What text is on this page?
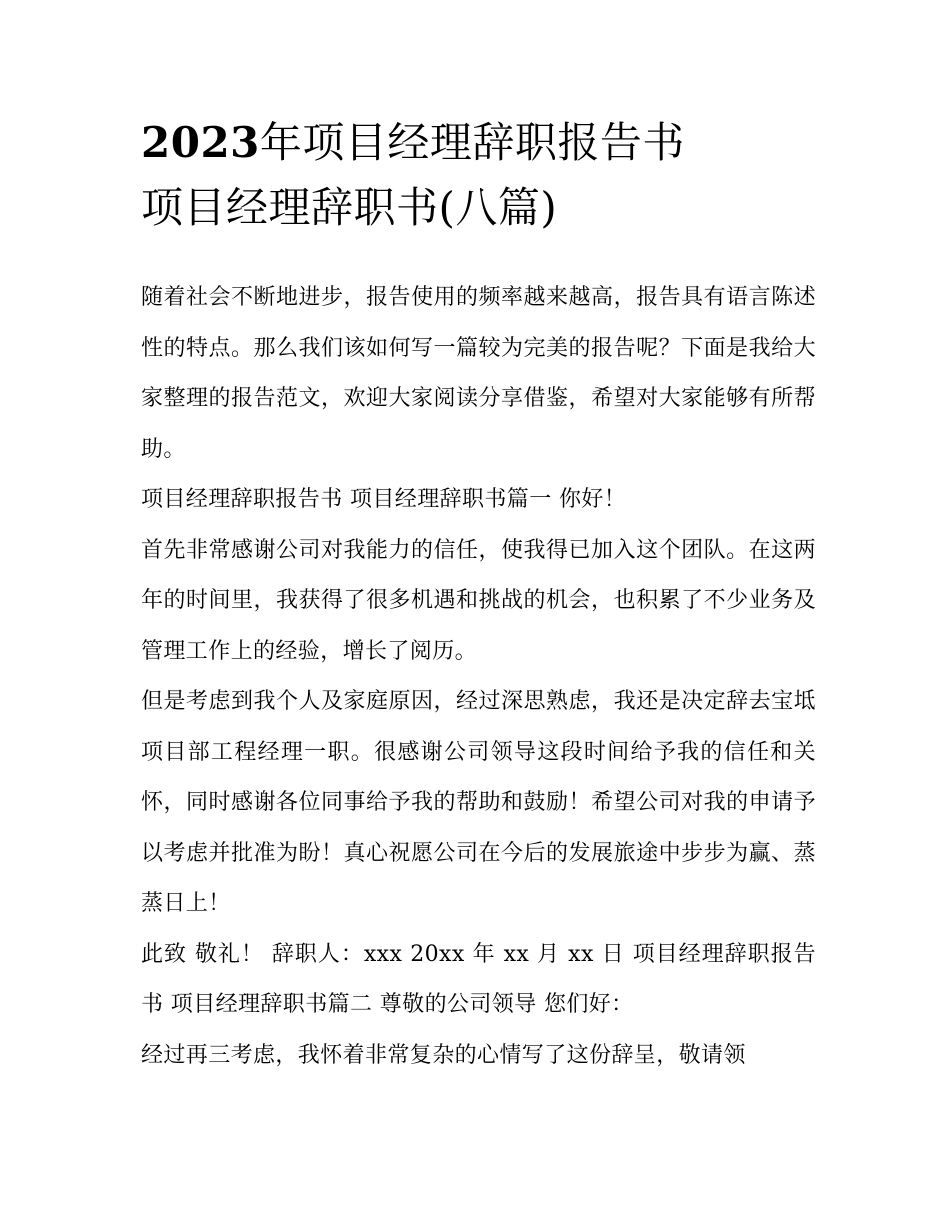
2023年项目经理辞职报告书
项目经理辞职书(八篇)

随着社会不断地进步，报告使用的频率越来越高，报告具有语言陈述性的特点。那么我们该如何写一篇较为完美的报告呢？下面是我给大家整理的报告范文，欢迎大家阅读分享借鉴，希望对大家能够有所帮助。

项目经理辞职报告书 项目经理辞职书篇一 你好！

首先非常感谢公司对我能力的信任，使我得已加入这个团队。在这两年的时间里，我获得了很多机遇和挑战的机会，也积累了不少业务及管理工作上的经验，增长了阅历。

但是考虑到我个人及家庭原因，经过深思熟虑，我还是决定辞去宝坻项目部工程经理一职。很感谢公司领导这段时间给予我的信任和关怀，同时感谢各位同事给予我的帮助和鼓励！希望公司对我的申请予以考虑并批准为盼！真心祝愿公司在今后的发展旅途中步步为赢、蒸蒸日上！

此致 敬礼！ 辞职人：xxx 20xx 年 xx 月 xx 日 项目经理辞职报告书 项目经理辞职书篇二 尊敬的公司领导 您们好：

经过再三考虑，我怀着非常复杂的心情写了这份辞呈，敬请领
